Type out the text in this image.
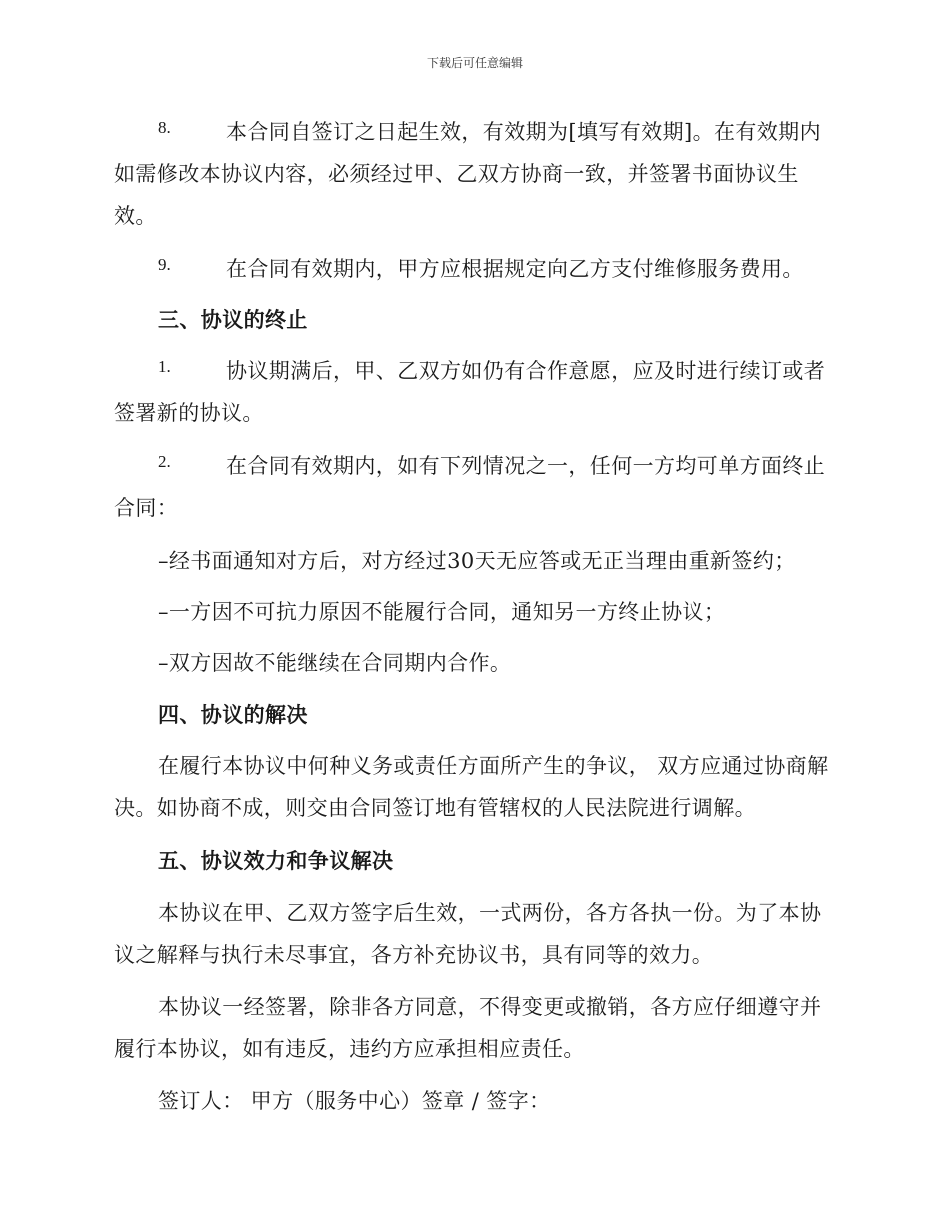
下载后可任意编辑
8.	本合同自签订之日起生效，有效期为[填写有效期]。在有效期内
如需修改本协议内容，必须经过甲、乙双方协商一致，并签署书面协议生
效。
9.	在合同有效期内，甲方应根据规定向乙方支付维修服务费用。
三、协议的终止
1.	协议期满后，甲、乙双方如仍有合作意愿，应及时进行续订或者
签署新的协议。
2.	在合同有效期内，如有下列情况之一，任何一方均可单方面终止
合同：
–经书面通知对方后，对方经过30天无应答或无正当理由重新签约；
–一方因不可抗力原因不能履行合同，通知另一方终止协议；
–双方因故不能继续在合同期内合作。
四、协议的解决
在履行本协议中何种义务或责任方面所产生的争议， 双方应通过协商解
决。如协商不成，则交由合同签订地有管辖权的人民法院进行调解。
五、协议效力和争议解决
本协议在甲、乙双方签字后生效，一式两份，各方各执一份。为了本协
议之解释与执行未尽事宜，各方补充协议书，具有同等的效力。
本协议一经签署，除非各方同意，不得变更或撤销，各方应仔细遵守并
履行本协议，如有违反，违约方应承担相应责任。
签订人： 甲方（服务中心）签章 / 签字：
